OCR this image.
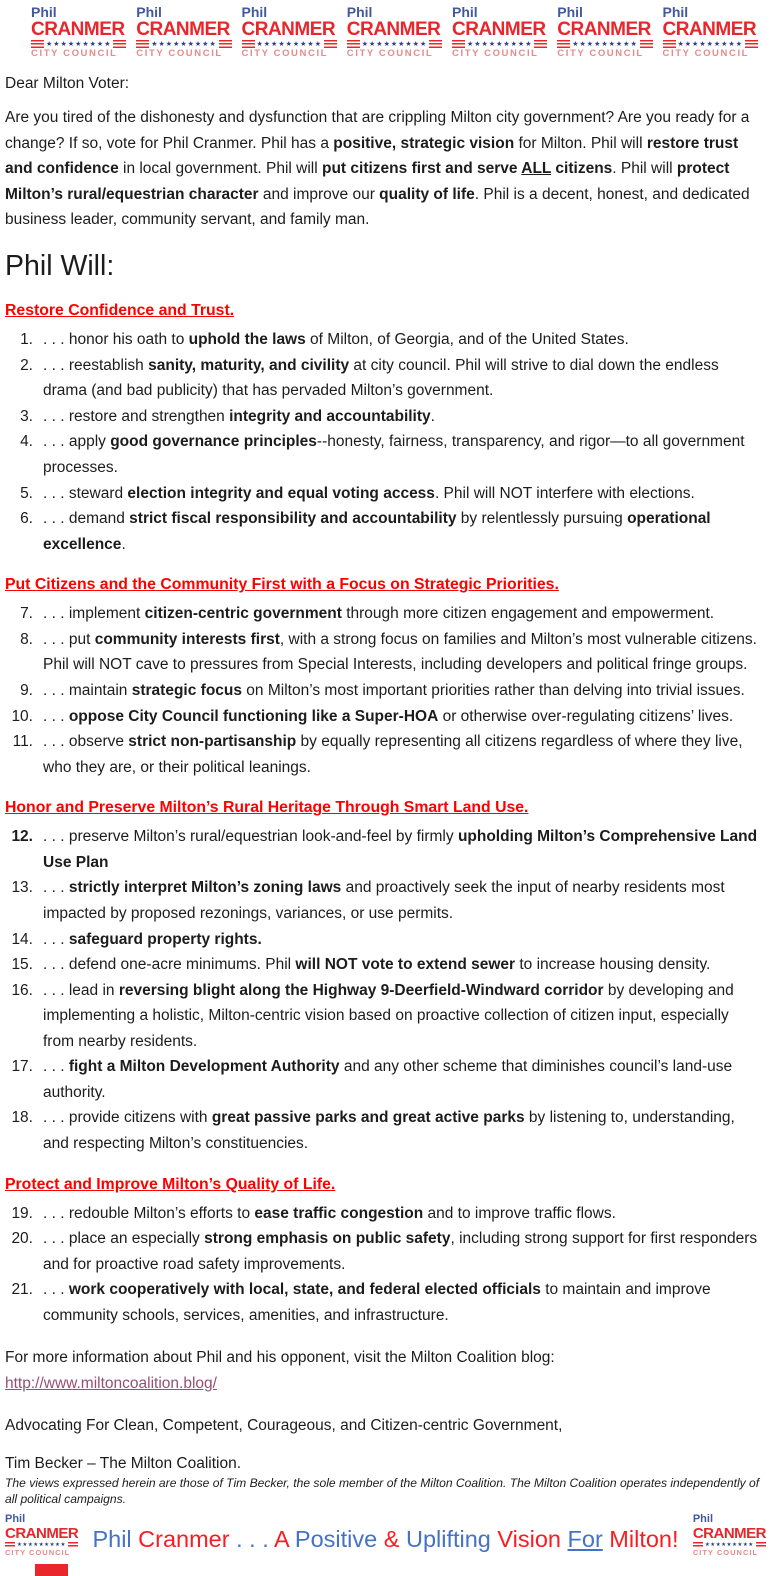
Phil
CRANMER
★★★★★★★★★
CITY COUNCIL
Phil
CRANMER
★★★★★★★★★
CITY COUNCIL
Phil
CRANMER
★★★★★★★★★
CITY COUNCIL
Phil
CRANMER
★★★★★★★★★
CITY COUNCIL
Phil
CRANMER
★★★★★★★★★
CITY COUNCIL
Phil
CRANMER
★★★★★★★★★
CITY COUNCIL
Phil
CRANMER
★★★★★★★★★
CITY COUNCIL
Dear Milton Voter:

Are you tired of the dishonesty and dysfunction that are crippling Milton city government? Are you ready for a change? If so, vote for Phil Cranmer. Phil has a positive, strategic vision for Milton. Phil will restore trust and confidence in local government. Phil will put citizens first and serve ALL citizens. Phil will protect Milton’s rural/equestrian character and improve our quality of life. Phil is a decent, honest, and dedicated business leader, community servant, and family man.

Phil Will:
Restore Confidence and Trust.
1. . . . honor his oath to uphold the laws of Milton, of Georgia, and of the United States.
2. . . . reestablish sanity, maturity, and civility at city council. Phil will strive to dial down the endless drama (and bad publicity) that has pervaded Milton’s government.
3. . . . restore and strengthen integrity and accountability.
4. . . . apply good governance principles--honesty, fairness, transparency, and rigor—to all government processes.
5. . . . steward election integrity and equal voting access. Phil will NOT interfere with elections.
6. . . . demand strict fiscal responsibility and accountability by relentlessly pursuing operational excellence.
Put Citizens and the Community First with a Focus on Strategic Priorities.
7. . . . implement citizen-centric government through more citizen engagement and empowerment.
8. . . . put community interests first, with a strong focus on families and Milton’s most vulnerable citizens. Phil will NOT cave to pressures from Special Interests, including developers and political fringe groups.
9. . . . maintain strategic focus on Milton’s most important priorities rather than delving into trivial issues.
10. . . . oppose City Council functioning like a Super-HOA or otherwise over-regulating citizens’ lives.
11. . . . observe strict non-partisanship by equally representing all citizens regardless of where they live, who they are, or their political leanings.
Honor and Preserve Milton’s Rural Heritage Through Smart Land Use.
12. . . . preserve Milton’s rural/equestrian look-and-feel by firmly upholding Milton’s Comprehensive Land Use Plan
13. . . . strictly interpret Milton’s zoning laws and proactively seek the input of nearby residents most impacted by proposed rezonings, variances, or use permits.
14. . . . safeguard property rights.
15. . . . defend one-acre minimums. Phil will NOT vote to extend sewer to increase housing density.
16. . . . lead in reversing blight along the Highway 9-Deerfield-Windward corridor by developing and implementing a holistic, Milton-centric vision based on proactive collection of citizen input, especially from nearby residents.
17. . . . fight a Milton Development Authority and any other scheme that diminishes council’s land-use authority.
18. . . . provide citizens with great passive parks and great active parks by listening to, understanding, and respecting Milton’s constituencies.
Protect and Improve Milton’s Quality of Life.
19. . . . redouble Milton’s efforts to ease traffic congestion and to improve traffic flows.
20. . . . place an especially strong emphasis on public safety, including strong support for first responders and for proactive road safety improvements.
21. . . . work cooperatively with local, state, and federal elected officials to maintain and improve community schools, services, amenities, and infrastructure.

For more information about Phil and his opponent, visit the Milton Coalition blog: http://www.miltoncoalition.blog/

Advocating For Clean, Competent, Courageous, and Citizen-centric Government,

Tim Becker – The Milton Coalition.
The views expressed herein are those of Tim Becker, the sole member of the Milton Coalition. The Milton Coalition operates independently of all political campaigns.
Phil
CRANMER
★★★★★★★★★
CITY COUNCIL
Phil Cranmer . . . A Positive & Uplifting Vision For Milton!
Phil
CRANMER
★★★★★★★★★
CITY COUNCIL
